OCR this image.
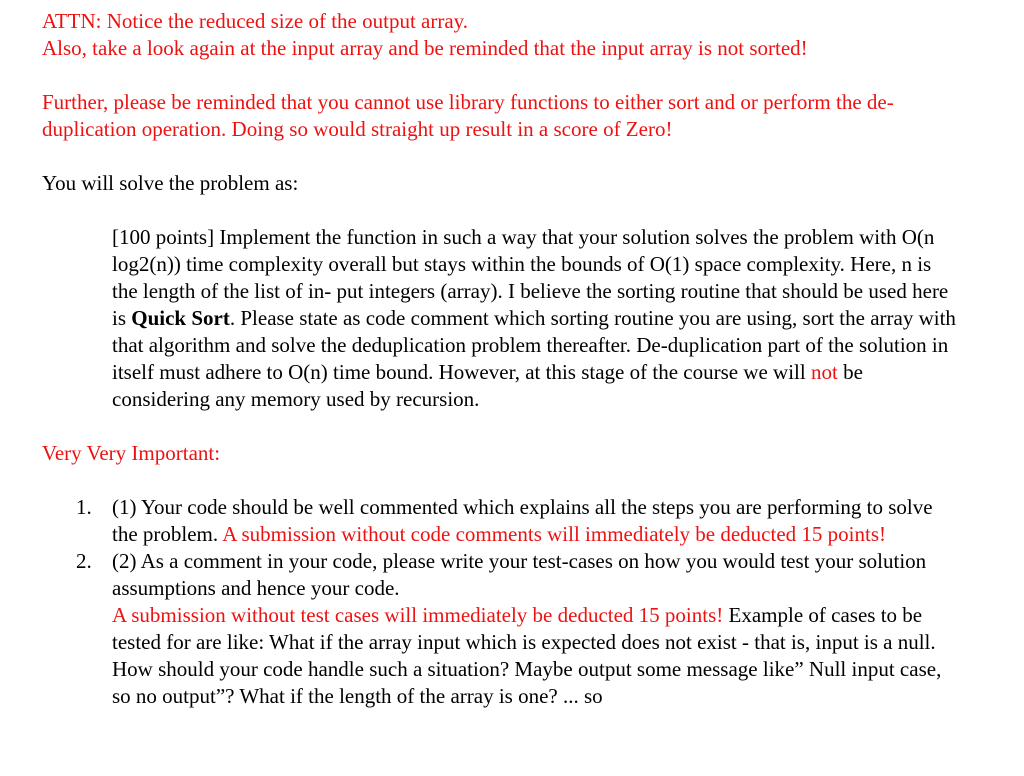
ATTN: Notice the reduced size of the output array.

Also, take a look again at the input array and be reminded that the input array is not sorted!

Further, please be reminded that you cannot use library functions to either sort and or perform the de-duplication operation. Doing so would straight up result in a score of Zero!

You will solve the problem as:

[100 points] Implement the function in such a way that your solution solves the problem with O(n log2(n)) time complexity overall but stays within the bounds of O(1) space complexity. Here, n is the length of the list of in- put integers (array). I believe the sorting routine that should be used here is Quick Sort. Please state as code comment which sorting routine you are using, sort the array with that algorithm and solve the deduplication problem thereafter. De-duplication part of the solution in itself must adhere to O(n) time bound. However, at this stage of the course we will not be considering any memory used by recursion.

Very Very Important:

1. (1) Your code should be well commented which explains all the steps you are performing to solve the problem. A submission without code comments will immediately be deducted 15 points!
2. (2) As a comment in your code, please write your test-cases on how you would test your solution assumptions and hence your code.
A submission without test cases will immediately be deducted 15 points! Example of cases to be tested for are like: What if the array input which is expected does not exist - that is, input is a null. How should your code handle such a situation? Maybe output some message like” Null input case, so no output”? What if the length of the array is one? ... so
